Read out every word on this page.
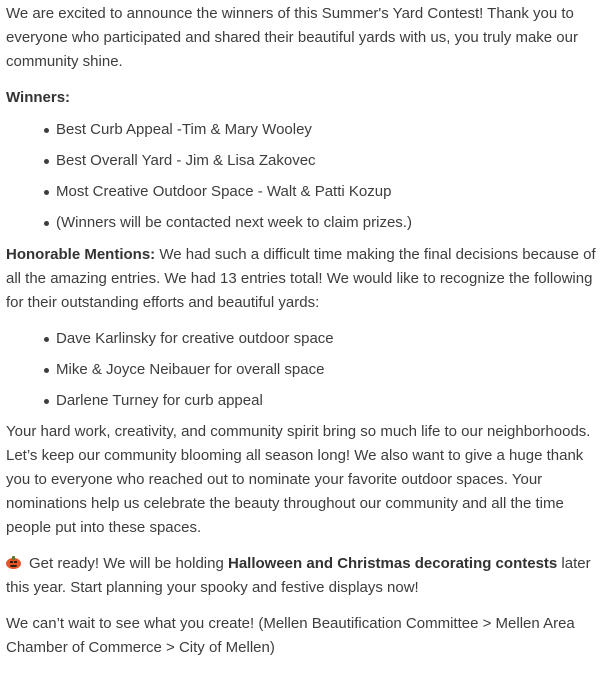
We are excited to announce the winners of this Summer's Yard Contest! Thank you to everyone who participated and shared their beautiful yards with us, you truly make our community shine.

Winners:

Best Curb Appeal -Tim & Mary Wooley
Best Overall Yard - Jim & Lisa Zakovec
Most Creative Outdoor Space - Walt & Patti Kozup
(Winners will be contacted next week to claim prizes.)

Honorable Mentions: We had such a difficult time making the final decisions because of all the amazing entries. We had 13 entries total! We would like to recognize the following for their outstanding efforts and beautiful yards:

Dave Karlinsky for creative outdoor space
Mike & Joyce Neibauer for overall space
Darlene Turney for curb appeal

Your hard work, creativity, and community spirit bring so much life to our neighborhoods. Let’s keep our community blooming all season long! We also want to give a huge thank you to everyone who reached out to nominate your favorite outdoor spaces. Your nominations help us celebrate the beauty throughout our community and all the time people put into these spaces.

Get ready! We will be holding Halloween and Christmas decorating contests later this year. Start planning your spooky and festive displays now!

We can’t wait to see what you create! (Mellen Beautification Committee > Mellen Area Chamber of Commerce > City of Mellen)
